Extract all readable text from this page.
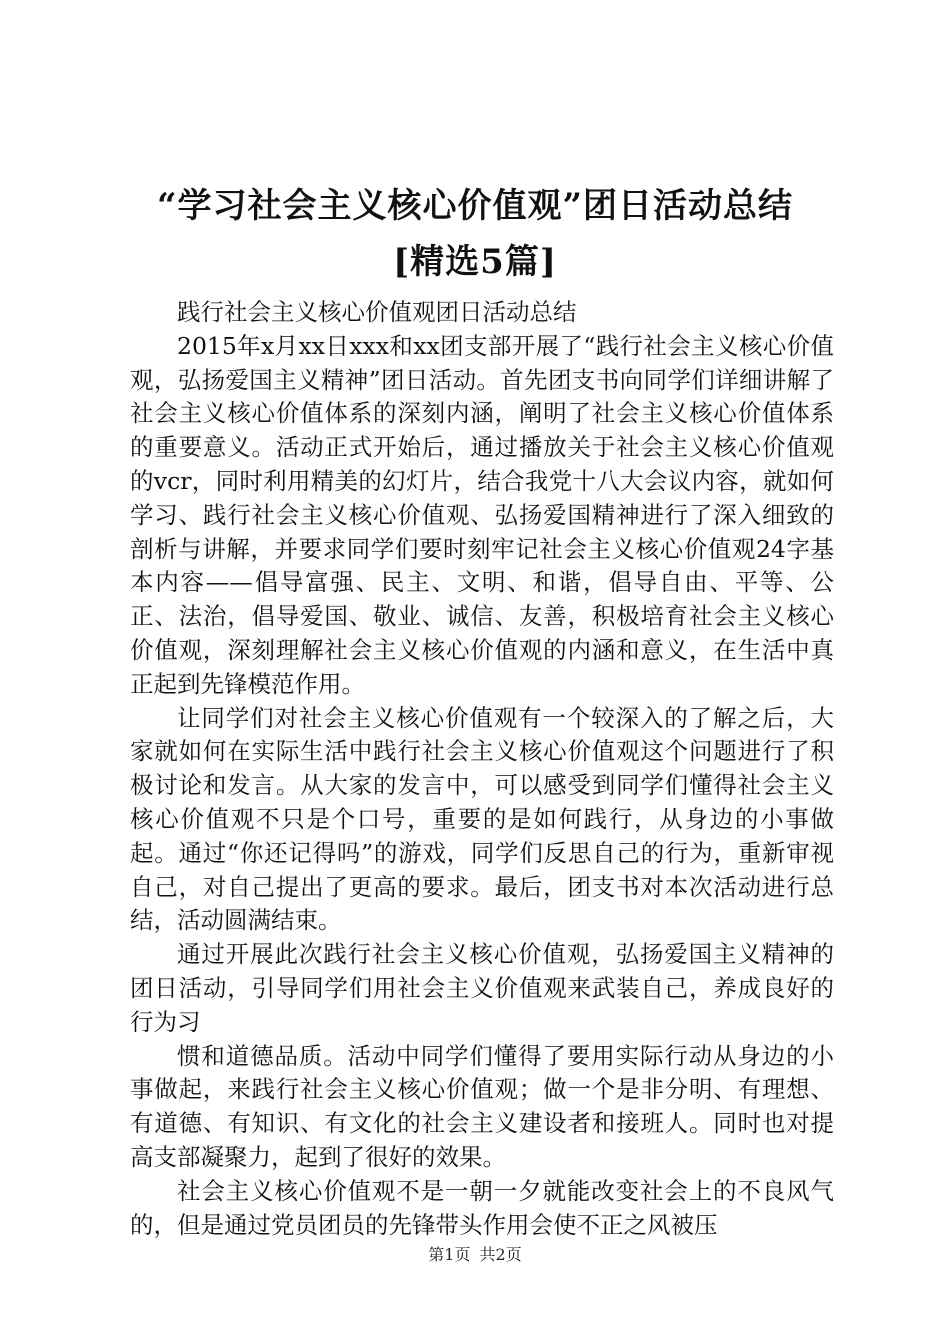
“学习社会主义核心价值观”团日活动总结
[精选5篇]

践行社会主义核心价值观团日活动总结

2015年x月xx日xxx和xx团支部开展了“践行社会主义核心价值观，弘扬爱国主义精神”团日活动。首先团支书向同学们详细讲解了社会主义核心价值体系的深刻内涵，阐明了社会主义核心价值体系的重要意义。活动正式开始后，通过播放关于社会主义核心价值观的vcr，同时利用精美的幻灯片，结合我党十八大会议内容，就如何学习、践行社会主义核心价值观、弘扬爱国精神进行了深入细致的剖析与讲解，并要求同学们要时刻牢记社会主义核心价值观24字基本内容——倡导富强、民主、文明、和谐，倡导自由、平等、公正、法治，倡导爱国、敬业、诚信、友善，积极培育社会主义核心价值观，深刻理解社会主义核心价值观的内涵和意义，在生活中真正起到先锋模范作用。

让同学们对社会主义核心价值观有一个较深入的了解之后，大家就如何在实际生活中践行社会主义核心价值观这个问题进行了积极讨论和发言。从大家的发言中，可以感受到同学们懂得社会主义核心价值观不只是个口号，重要的是如何践行，从身边的小事做起。通过“你还记得吗”的游戏，同学们反思自己的行为，重新审视自己，对自己提出了更高的要求。最后，团支书对本次活动进行总结，活动圆满结束。

通过开展此次践行社会主义核心价值观，弘扬爱国主义精神的团日活动，引导同学们用社会主义价值观来武装自己，养成良好的行为习

惯和道德品质。活动中同学们懂得了要用实际行动从身边的小事做起，来践行社会主义核心价值观；做一个是非分明、有理想、有道德、有知识、有文化的社会主义建设者和接班人。同时也对提高支部凝聚力，起到了很好的效果。

社会主义核心价值观不是一朝一夕就能改变社会上的不良风气的，但是通过党员团员的先锋带头作用会使不正之风被压

第1页 共2页
